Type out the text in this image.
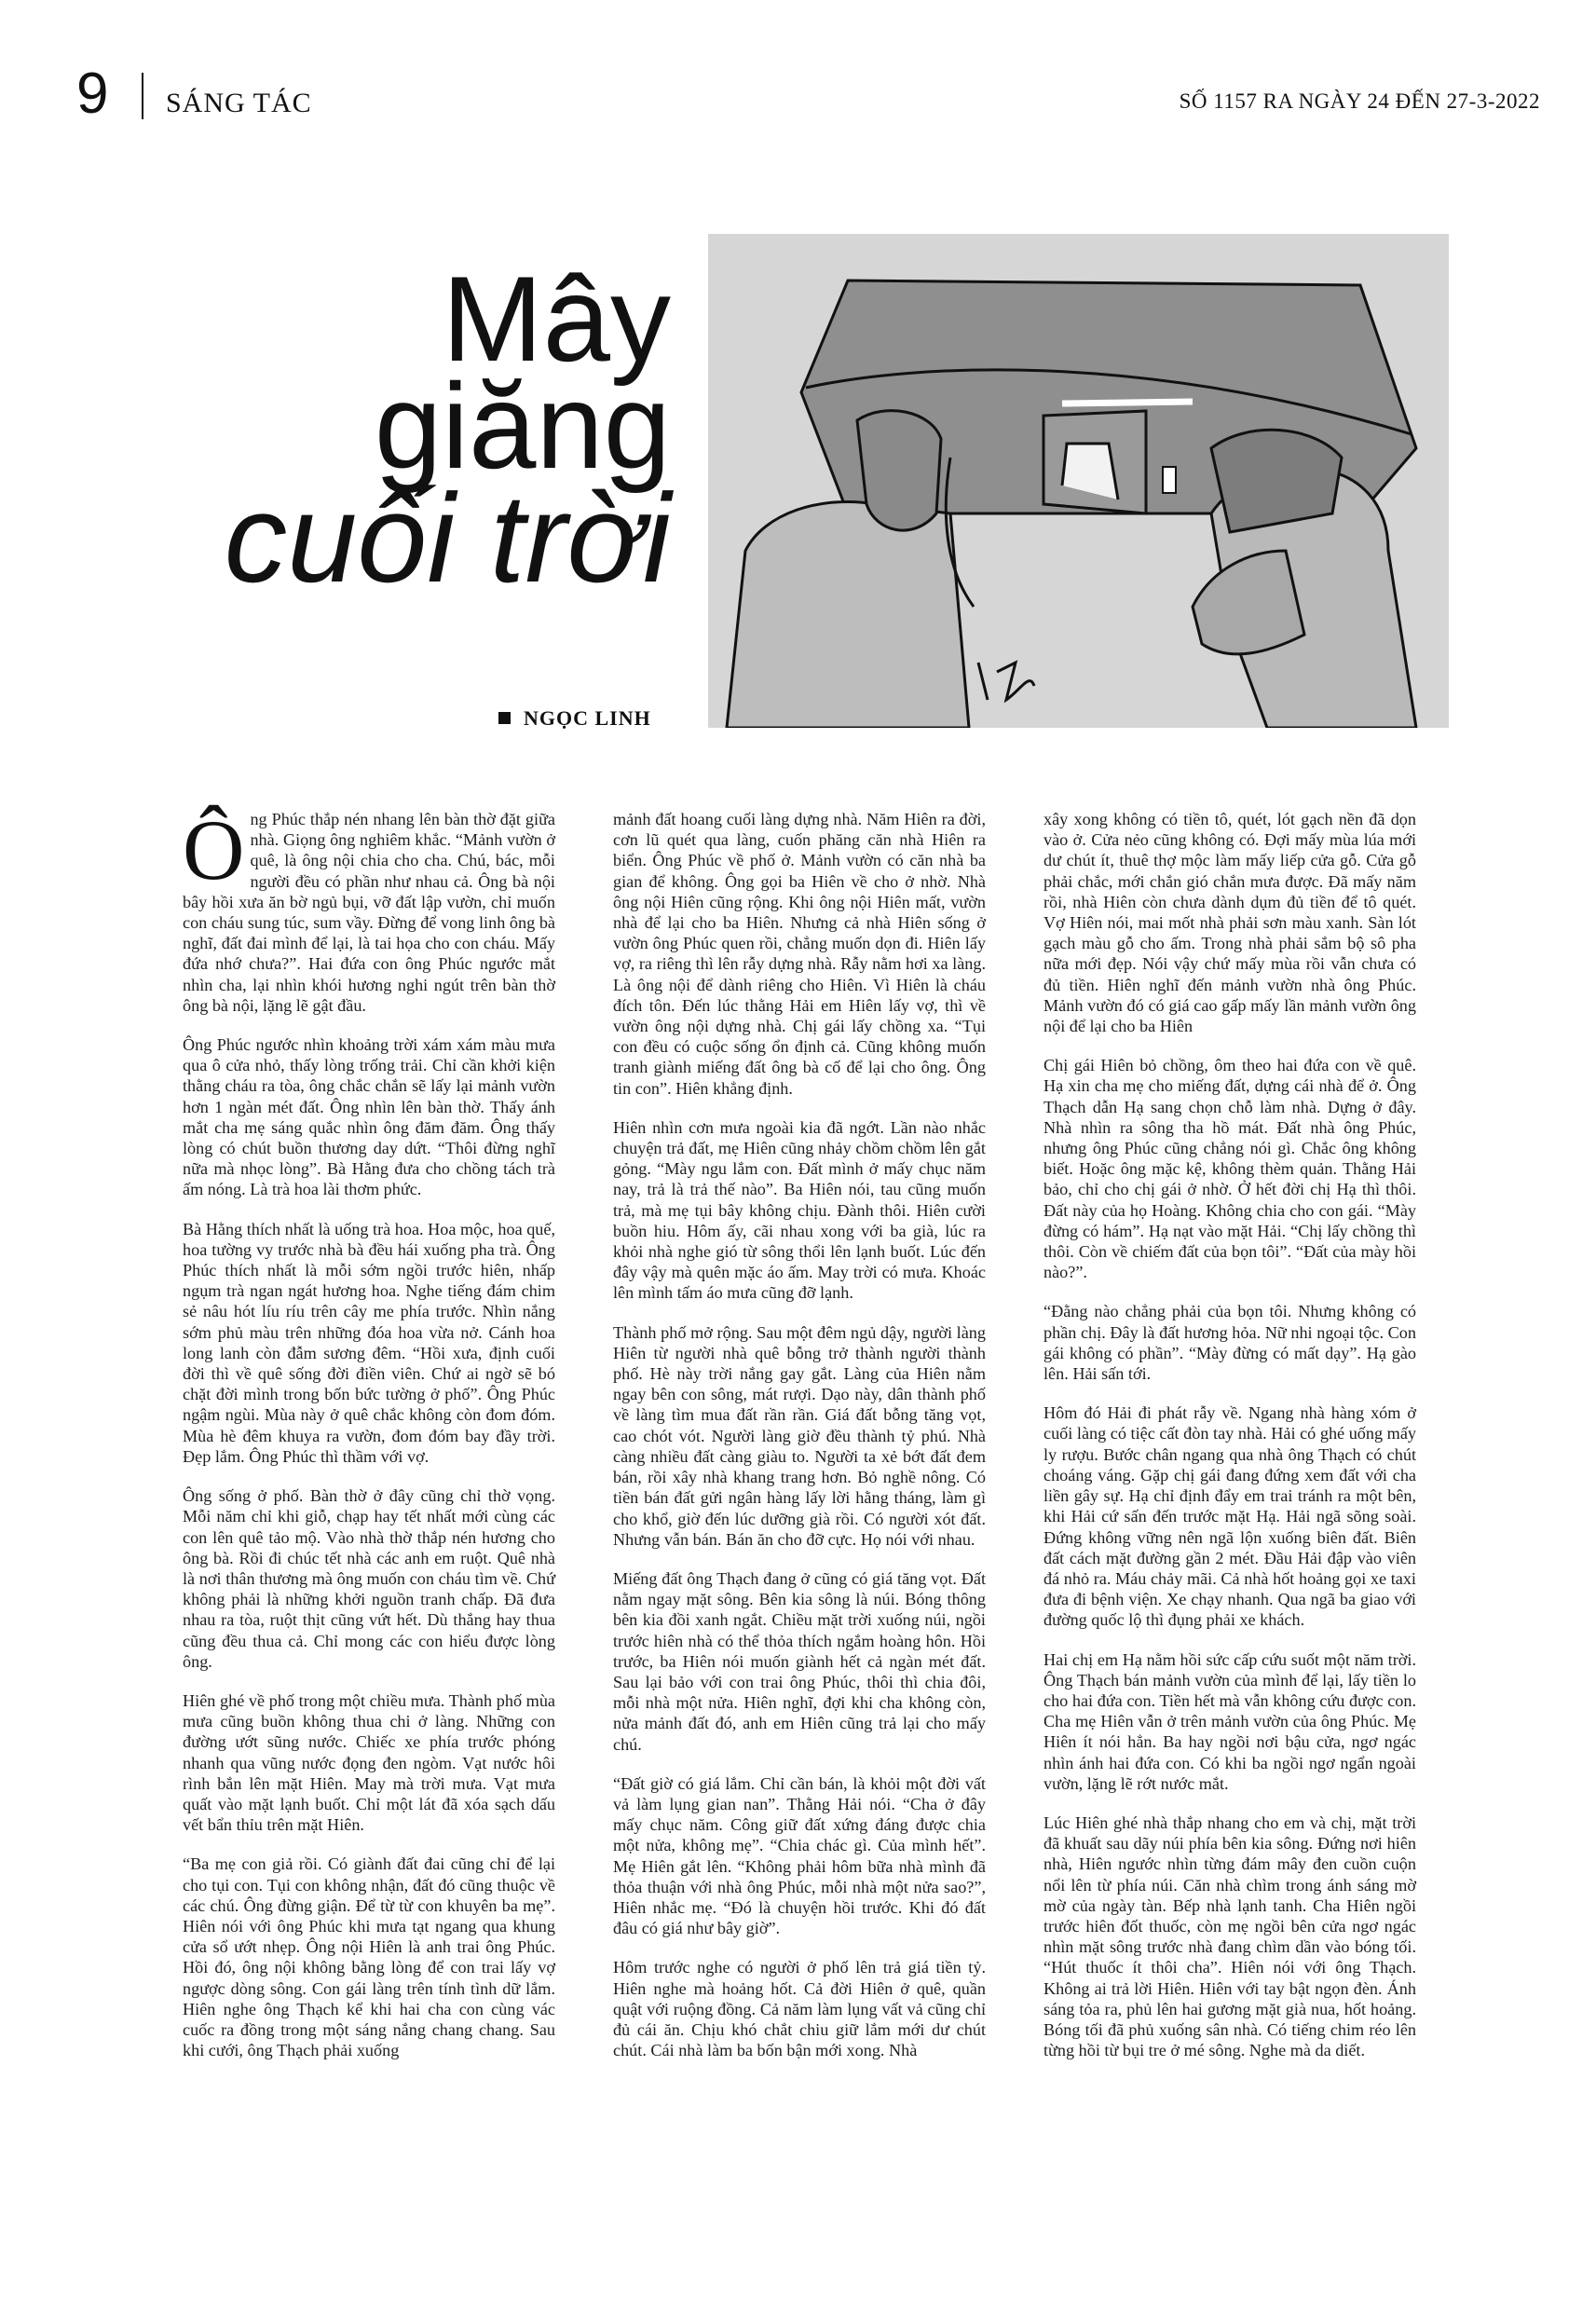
9 SÁNG TÁC	SỐ 1157 RA NGÀY 24 ĐẾN 27-3-2022
Mây
giăng
cuối trời
NGỌC LINH

Ông Phúc thắp nén nhang lên bàn thờ đặt giữa nhà. Giọng ông nghiêm khắc. “Mảnh vườn ở quê, là ông nội chia cho cha. Chú, bác, mỗi người đều có phần như nhau cả. Ông bà nội bây hồi xưa ăn bờ ngủ bụi, vỡ đất lập vườn, chỉ muốn con cháu sung túc, sum vầy. Đừng để vong linh ông bà nghĩ, đất đai mình để lại, là tai họa cho con cháu. Mấy đứa nhớ chưa?”. Hai đứa con ông Phúc ngước mắt nhìn cha, lại nhìn khói hương nghi ngút trên bàn thờ ông bà nội, lặng lẽ gật đầu.

Ông Phúc ngước nhìn khoảng trời xám xám màu mưa qua ô cửa nhỏ, thấy lòng trống trải. Chỉ cần khởi kiện thằng cháu ra tòa, ông chắc chắn sẽ lấy lại mảnh vườn hơn 1 ngàn mét đất. Ông nhìn lên bàn thờ. Thấy ánh mắt cha mẹ sáng quắc nhìn ông đăm đăm. Ông thấy lòng có chút buồn thương day dứt. “Thôi đừng nghĩ nữa mà nhọc lòng”. Bà Hằng đưa cho chồng tách trà ấm nóng. Là trà hoa lài thơm phức.

Bà Hằng thích nhất là uống trà hoa. Hoa mộc, hoa quế, hoa tường vy trước nhà bà đều hái xuống pha trà. Ông Phúc thích nhất là mỗi sớm ngồi trước hiên, nhấp ngụm trà ngan ngát hương hoa. Nghe tiếng đám chim sẻ nâu hót líu ríu trên cây me phía trước. Nhìn nắng sớm phủ màu trên những đóa hoa vừa nở. Cánh hoa long lanh còn đẫm sương đêm. “Hồi xưa, định cuối đời thì về quê sống đời điền viên. Chứ ai ngờ sẽ bó chặt đời mình trong bốn bức tường ở phố”. Ông Phúc ngậm ngùi. Mùa này ở quê chắc không còn đom đóm. Mùa hè đêm khuya ra vườn, đom đóm bay đầy trời. Đẹp lắm. Ông Phúc thì thầm với vợ.

Ông sống ở phố. Bàn thờ ở đây cũng chỉ thờ vọng. Mỗi năm chỉ khi giỗ, chạp hay tết nhất mới cùng các con lên quê tảo mộ. Vào nhà thờ thắp nén hương cho ông bà. Rồi đi chúc tết nhà các anh em ruột. Quê nhà là nơi thân thương mà ông muốn con cháu tìm về. Chứ không phải là những khởi nguồn tranh chấp. Đã đưa nhau ra tòa, ruột thịt cũng vứt hết. Dù thắng hay thua cũng đều thua cả. Chỉ mong các con hiểu được lòng ông.

Hiên ghé về phố trong một chiều mưa. Thành phố mùa mưa cũng buồn không thua chi ở làng. Những con đường ướt sũng nước. Chiếc xe phía trước phóng nhanh qua vũng nước đọng đen ngòm. Vạt nước hôi rình bắn lên mặt Hiên. May mà trời mưa. Vạt mưa quất vào mặt lạnh buốt. Chỉ một lát đã xóa sạch dấu vết bẩn thỉu trên mặt Hiên.

“Ba mẹ con giả rồi. Có giành đất đai cũng chỉ để lại cho tụi con. Tụi con không nhận, đất đó cũng thuộc về các chú. Ông đừng giận. Để từ từ con khuyên ba mẹ”. Hiên nói với ông Phúc khi mưa tạt ngang qua khung cửa sổ ướt nhẹp. Ông nội Hiên là anh trai ông Phúc. Hồi đó, ông nội không bằng lòng để con trai lấy vợ ngược dòng sông. Con gái làng trên tính tình dữ lắm. Hiên nghe ông Thạch kể khi hai cha con cùng vác cuốc ra đồng trong một sáng nắng chang chang. Sau khi cưới, ông Thạch phải xuống

mảnh đất hoang cuối làng dựng nhà. Năm Hiên ra đời, cơn lũ quét qua làng, cuốn phăng căn nhà Hiên ra biển. Ông Phúc về phố ở. Mảnh vườn có căn nhà ba gian để không. Ông gọi ba Hiên về cho ở nhờ. Nhà ông nội Hiên cũng rộng. Khi ông nội Hiên mất, vườn nhà để lại cho ba Hiên. Nhưng cả nhà Hiên sống ở vườn ông Phúc quen rồi, chẳng muốn dọn đi. Hiên lấy vợ, ra riêng thì lên rẫy dựng nhà. Rẫy nằm hơi xa làng. Là ông nội để dành riêng cho Hiên. Vì Hiên là cháu đích tôn. Đến lúc thằng Hải em Hiên lấy vợ, thì về vườn ông nội dựng nhà. Chị gái lấy chồng xa. “Tụi con đều có cuộc sống ổn định cả. Cũng không muốn tranh giành miếng đất ông bà cố để lại cho ông. Ông tin con”. Hiên khẳng định.

Hiên nhìn cơn mưa ngoài kia đã ngớt. Lần nào nhắc chuyện trả đất, mẹ Hiên cũng nhảy chồm chồm lên gắt gỏng. “Mày ngu lắm con. Đất mình ở mấy chục năm nay, trả là trả thế nào”. Ba Hiên nói, tau cũng muốn trả, mà mẹ tụi bây không chịu. Đành thôi. Hiên cười buồn hiu. Hôm ấy, cãi nhau xong với ba già, lúc ra khỏi nhà nghe gió từ sông thổi lên lạnh buốt. Lúc đến đây vậy mà quên mặc áo ấm. May trời có mưa. Khoác lên mình tấm áo mưa cũng đỡ lạnh.

Thành phố mở rộng. Sau một đêm ngủ dậy, người làng Hiên từ người nhà quê bỗng trở thành người thành phố. Hè này trời nắng gay gắt. Làng của Hiên nằm ngay bên con sông, mát rượi. Dạo này, dân thành phố về làng tìm mua đất rần rần. Giá đất bỗng tăng vọt, cao chót vót. Người làng giờ đều thành tỷ phú. Nhà càng nhiều đất càng giàu to. Người ta xẻ bớt đất đem bán, rồi xây nhà khang trang hơn. Bỏ nghề nông. Có tiền bán đất gửi ngân hàng lấy lời hằng tháng, làm gì cho khổ, giờ đến lúc dưỡng già rồi. Có người xót đất. Nhưng vẫn bán. Bán ăn cho đỡ cực. Họ nói với nhau.

Miếng đất ông Thạch đang ở cũng có giá tăng vọt. Đất nằm ngay mặt sông. Bên kia sông là núi. Bóng thông bên kia đồi xanh ngắt. Chiều mặt trời xuống núi, ngồi trước hiên nhà có thể thỏa thích ngắm hoàng hôn. Hồi trước, ba Hiên nói muốn giành hết cả ngàn mét đất. Sau lại bảo với con trai ông Phúc, thôi thì chia đôi, mỗi nhà một nửa. Hiên nghĩ, đợi khi cha không còn, nửa mảnh đất đó, anh em Hiên cũng trả lại cho mấy chú.

“Đất giờ có giá lắm. Chỉ cần bán, là khỏi một đời vất vả làm lụng gian nan”. Thằng Hải nói. “Cha ở đây mấy chục năm. Công giữ đất xứng đáng được chia một nửa, không mẹ”. “Chia chác gì. Của mình hết”. Mẹ Hiên gắt lên. “Không phải hôm bữa nhà mình đã thỏa thuận với nhà ông Phúc, mỗi nhà một nửa sao?”, Hiên nhắc mẹ. “Đó là chuyện hồi trước. Khi đó đất đâu có giá như bây giờ”.

Hôm trước nghe có người ở phố lên trả giá tiền tỷ. Hiên nghe mà hoảng hốt. Cả đời Hiên ở quê, quần quật với ruộng đồng. Cả năm làm lụng vất vả cũng chỉ đủ cái ăn. Chịu khó chắt chiu giữ lắm mới dư chút chút. Cái nhà làm ba bốn bận mới xong. Nhà

xây xong không có tiền tô, quét, lót gạch nền đã dọn vào ở. Cửa nẻo cũng không có. Đợi mấy mùa lúa mới dư chút ít, thuê thợ mộc làm mấy liếp cửa gỗ. Cửa gỗ phải chắc, mới chắn gió chắn mưa được. Đã mấy năm rồi, nhà Hiên còn chưa dành dụm đủ tiền để tô quét. Vợ Hiên nói, mai mốt nhà phải sơn màu xanh. Sàn lót gạch màu gỗ cho ấm. Trong nhà phải sắm bộ sô pha nữa mới đẹp. Nói vậy chứ mấy mùa rồi vẫn chưa có đủ tiền. Hiên nghĩ đến mảnh vườn nhà ông Phúc. Mảnh vườn đó có giá cao gấp mấy lần mảnh vườn ông nội để lại cho ba Hiên

Chị gái Hiên bỏ chồng, ôm theo hai đứa con về quê. Hạ xin cha mẹ cho miếng đất, dựng cái nhà để ở. Ông Thạch dẫn Hạ sang chọn chỗ làm nhà. Dựng ở đây. Nhà nhìn ra sông tha hồ mát. Đất nhà ông Phúc, nhưng ông Phúc cũng chẳng nói gì. Chắc ông không biết. Hoặc ông mặc kệ, không thèm quản. Thằng Hải bảo, chỉ cho chị gái ở nhờ. Ở hết đời chị Hạ thì thôi. Đất này của họ Hoàng. Không chia cho con gái. “Mày đừng có hám”. Hạ nạt vào mặt Hải. “Chị lấy chồng thì thôi. Còn về chiếm đất của bọn tôi”. “Đất của mày hồi nào?”.

“Đằng nào chẳng phải của bọn tôi. Nhưng không có phần chị. Đây là đất hương hỏa. Nữ nhi ngoại tộc. Con gái không có phần”. “Mày đừng có mất dạy”. Hạ gào lên. Hải sấn tới.

Hôm đó Hải đi phát rẫy về. Ngang nhà hàng xóm ở cuối làng có tiệc cất đòn tay nhà. Hải có ghé uống mấy ly rượu. Bước chân ngang qua nhà ông Thạch có chút choáng váng. Gặp chị gái đang đứng xem đất với cha liền gây sự. Hạ chỉ định đẩy em trai tránh ra một bên, khi Hải cứ sấn đến trước mặt Hạ. Hải ngã sõng soài. Đứng không vững nên ngã lộn xuống biên đất. Biên đất cách mặt đường gần 2 mét. Đầu Hải đập vào viên đá nhỏ ra. Máu chảy mãi. Cả nhà hốt hoảng gọi xe taxi đưa đi bệnh viện. Xe chạy nhanh. Qua ngã ba giao với đường quốc lộ thì đụng phải xe khách.

Hai chị em Hạ nằm hồi sức cấp cứu suốt một năm trời. Ông Thạch bán mảnh vườn của mình để lại, lấy tiền lo cho hai đứa con. Tiền hết mà vẫn không cứu được con. Cha mẹ Hiên vẫn ở trên mảnh vườn của ông Phúc. Mẹ Hiên ít nói hẳn. Ba hay ngồi nơi bậu cửa, ngơ ngác nhìn ánh hai đứa con. Có khi ba ngồi ngơ ngẩn ngoài vườn, lặng lẽ rớt nước mắt.

Lúc Hiên ghé nhà thắp nhang cho em và chị, mặt trời đã khuất sau dãy núi phía bên kia sông. Đứng nơi hiên nhà, Hiên ngước nhìn từng đám mây đen cuồn cuộn nổi lên từ phía núi. Căn nhà chìm trong ánh sáng mờ mờ của ngày tàn. Bếp nhà lạnh tanh. Cha Hiên ngồi trước hiên đốt thuốc, còn mẹ ngồi bên cửa ngơ ngác nhìn mặt sông trước nhà đang chìm dần vào bóng tối. “Hút thuốc ít thôi cha”. Hiên nói với ông Thạch. Không ai trả lời Hiên. Hiên với tay bật ngọn đèn. Ánh sáng tỏa ra, phủ lên hai gương mặt già nua, hốt hoảng. Bóng tối đã phủ xuống sân nhà. Có tiếng chim réo lên từng hồi từ bụi tre ở mé sông. Nghe mà da diết.
